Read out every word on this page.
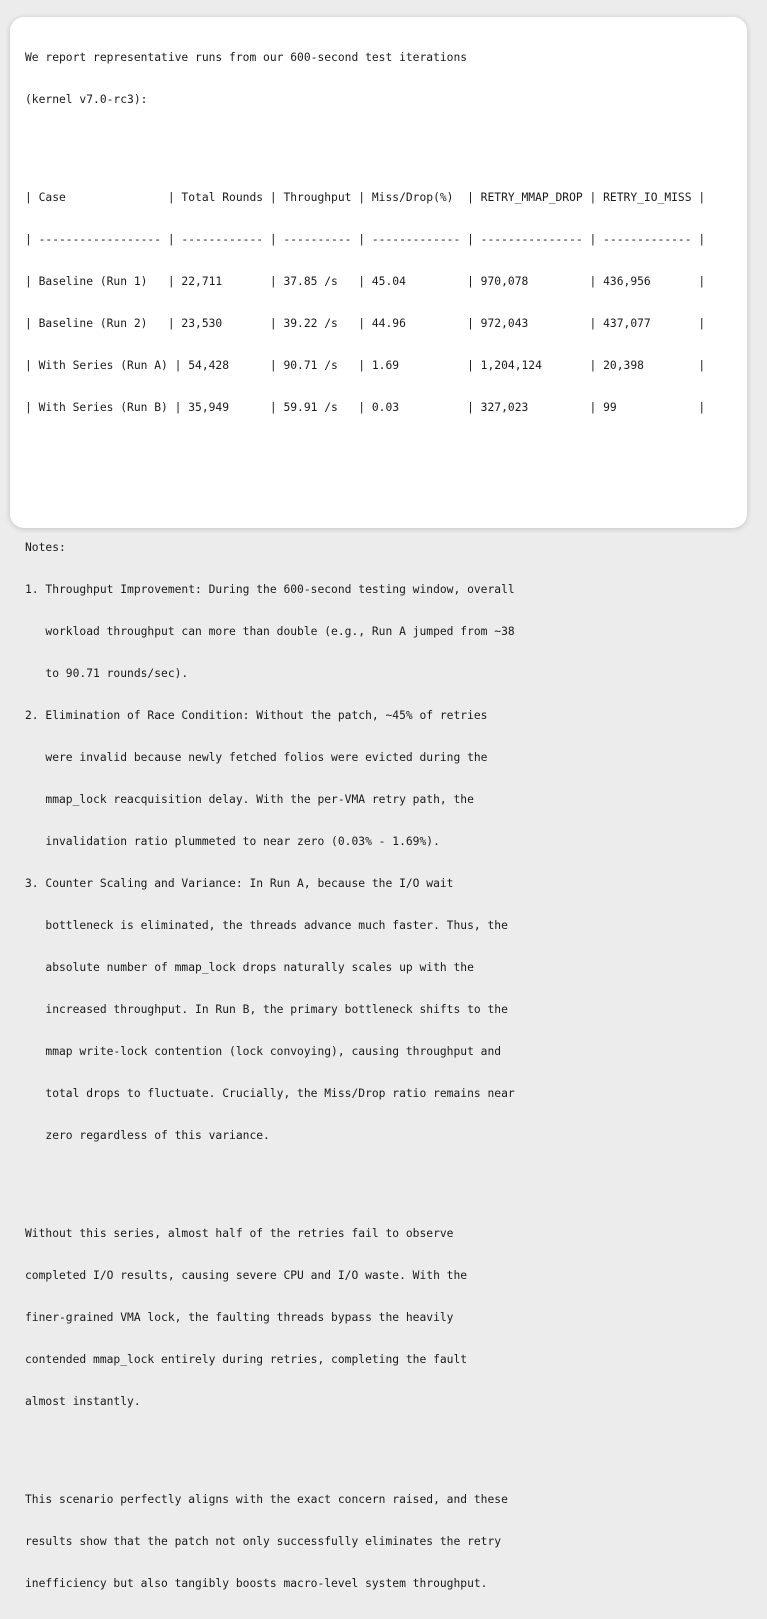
We report representative runs from our 600-second test iterations

(kernel v7.0-rc3):

| Case               | Total Rounds | Throughput | Miss/Drop(%)  | RETRY_MMAP_DROP | RETRY_IO_MISS |

| ------------------ | ------------ | ---------- | ------------- | --------------- | ------------- |

| Baseline (Run 1)   | 22,711       | 37.85 /s   | 45.04         | 970,078         | 436,956       |

| Baseline (Run 2)   | 23,530       | 39.22 /s   | 44.96         | 972,043         | 437,077       |

| With Series (Run A) | 54,428      | 90.71 /s   | 1.69          | 1,204,124       | 20,398        |

| With Series (Run B) | 35,949      | 59.91 /s   | 0.03          | 327,023         | 99            |

Notes:

1. Throughput Improvement: During the 600-second testing window, overall

workload throughput can more than double (e.g., Run A jumped from ~38

to 90.71 rounds/sec).

2. Elimination of Race Condition: Without the patch, ~45% of retries

were invalid because newly fetched folios were evicted during the

mmap_lock reacquisition delay. With the per-VMA retry path, the

invalidation ratio plummeted to near zero (0.03% - 1.69%).

3. Counter Scaling and Variance: In Run A, because the I/O wait

bottleneck is eliminated, the threads advance much faster. Thus, the

absolute number of mmap_lock drops naturally scales up with the

increased throughput. In Run B, the primary bottleneck shifts to the

mmap write-lock contention (lock convoying), causing throughput and

total drops to fluctuate. Crucially, the Miss/Drop ratio remains near

zero regardless of this variance.

Without this series, almost half of the retries fail to observe

completed I/O results, causing severe CPU and I/O waste. With the

finer-grained VMA lock, the faulting threads bypass the heavily

contended mmap_lock entirely during retries, completing the fault

almost instantly.

This scenario perfectly aligns with the exact concern raised, and these

results show that the patch not only successfully eliminates the retry

inefficiency but also tangibly boosts macro-level system throughput.
